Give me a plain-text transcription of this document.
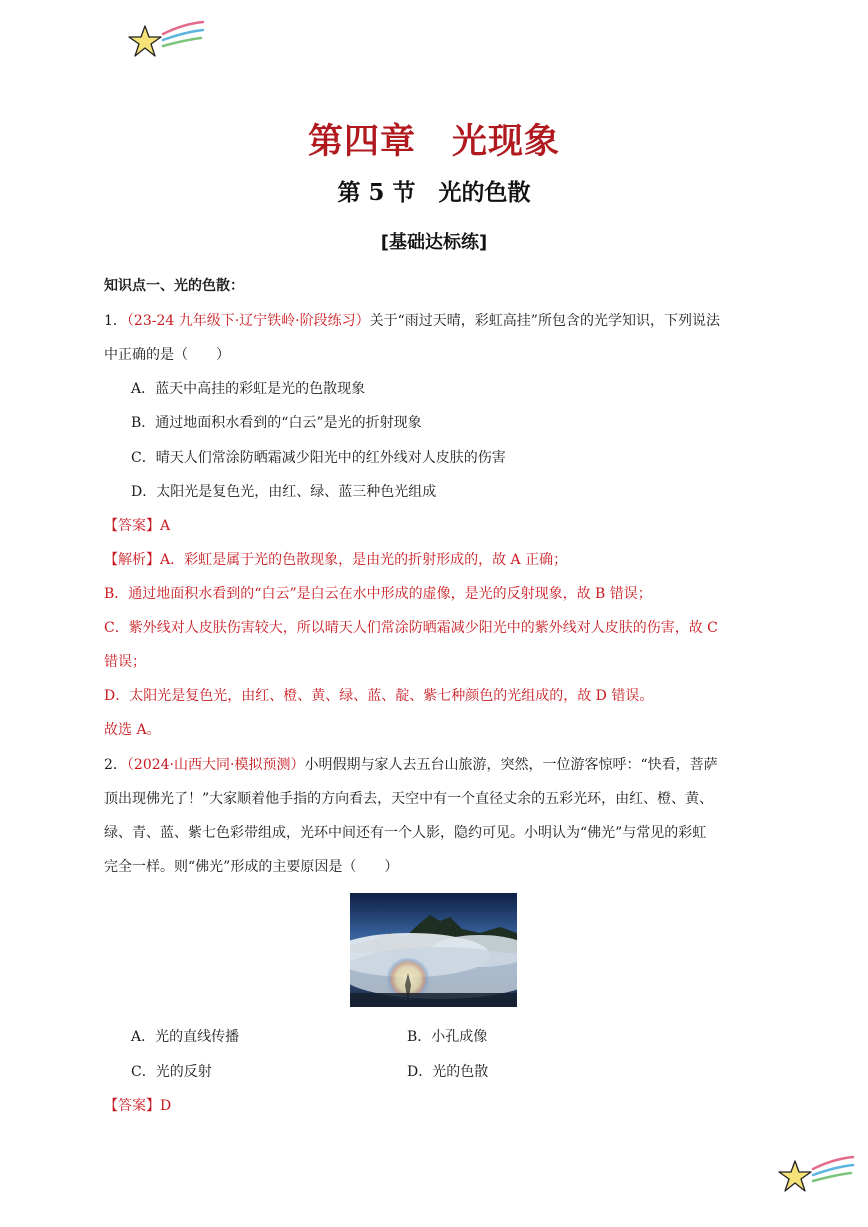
第四章　光现象
第 5 节　光的色散
[基础达标练]
知识点一、光的色散：
1．（23-24 九年级下·辽宁铁岭·阶段练习）关于“雨过天晴，彩虹高挂”所包含的光学知识，下列说法
中正确的是（　　）
A．蓝天中高挂的彩虹是光的色散现象
B．通过地面积水看到的“白云”是光的折射现象
C．晴天人们常涂防晒霜减少阳光中的红外线对人皮肤的伤害
D．太阳光是复色光，由红、绿、蓝三种色光组成
【答案】A
【解析】A．彩虹是属于光的色散现象，是由光的折射形成的，故 A 正确；
B．通过地面积水看到的“白云”是白云在水中形成的虚像，是光的反射现象，故 B 错误；
C．紫外线对人皮肤伤害较大，所以晴天人们常涂防晒霜减少阳光中的紫外线对人皮肤的伤害，故 C
错误；
D．太阳光是复色光，由红、橙、黄、绿、蓝、靛、紫七种颜色的光组成的，故 D 错误。
故选 A。
2．（2024·山西大同·模拟预测）小明假期与家人去五台山旅游，突然，一位游客惊呼：“快看，菩萨
顶出现佛光了！”大家顺着他手指的方向看去，天空中有一个直径丈余的五彩光环，由红、橙、黄、
绿、青、蓝、紫七色彩带组成，光环中间还有一个人影，隐约可见。小明认为“佛光”与常见的彩虹
完全一样。则“佛光”形成的主要原因是（　　）
A．光的直线传播	B．小孔成像
C．光的反射	D．光的色散
【答案】D
